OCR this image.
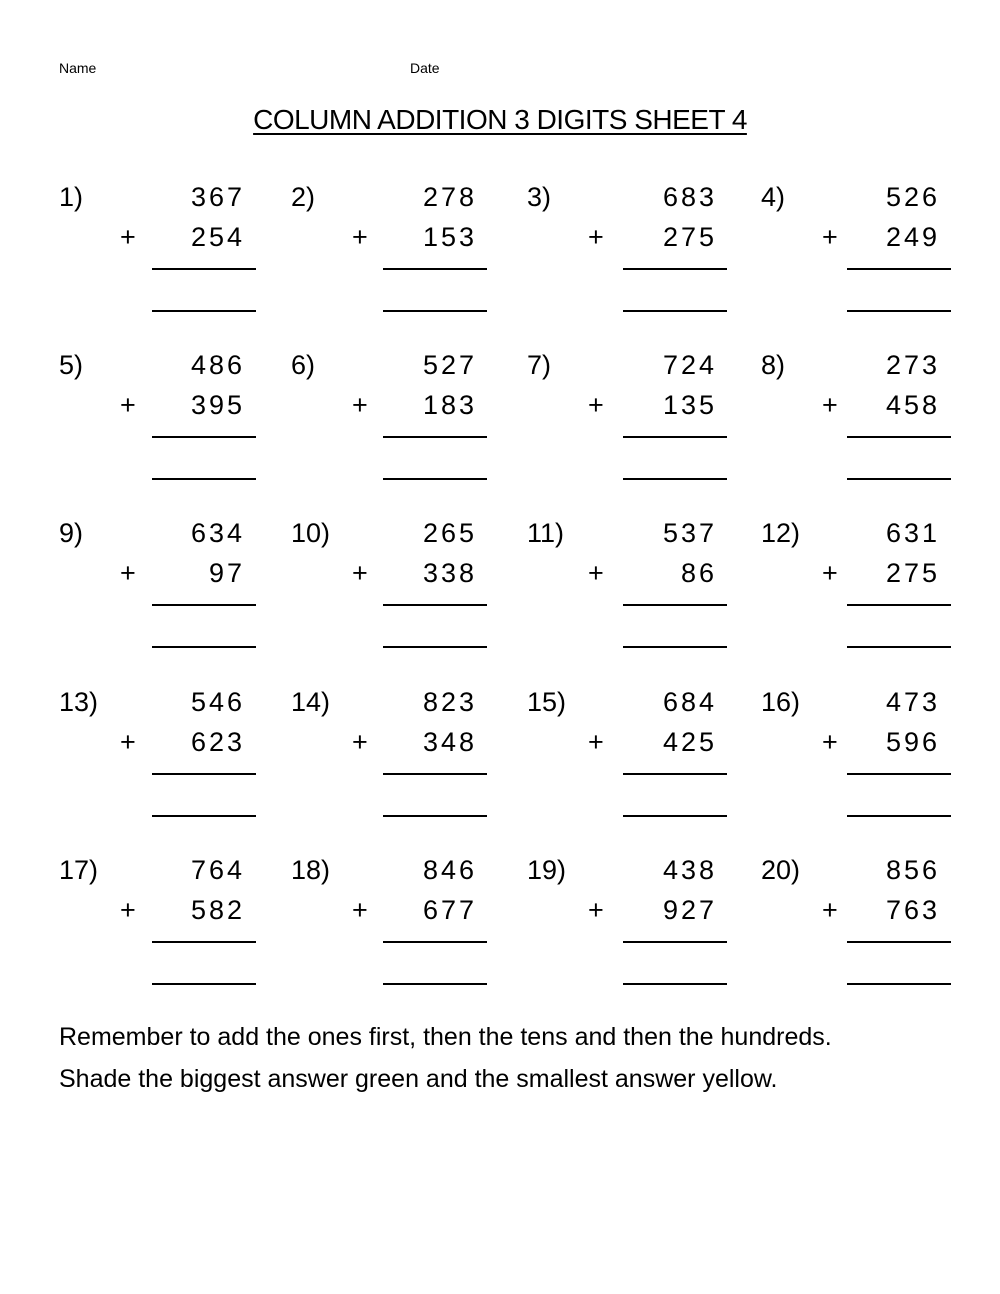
Name	Date
COLUMN ADDITION 3 DIGITS SHEET 4
1)	367
+	254
2)	278
+	153
3)	683
+	275
4)	526
+	249
5)	486
+	395
6)	527
+	183
7)	724
+	135
8)	273
+	458
9)	634
+	97
10)	265
+	338
11)	537
+	86
12)	631
+	275
13)	546
+	623
14)	823
+	348
15)	684
+	425
16)	473
+	596
17)	764
+	582
18)	846
+	677
19)	438
+	927
20)	856
+	763
Remember to add the ones first, then the tens and then the hundreds.
Shade the biggest answer green and the smallest answer yellow.
